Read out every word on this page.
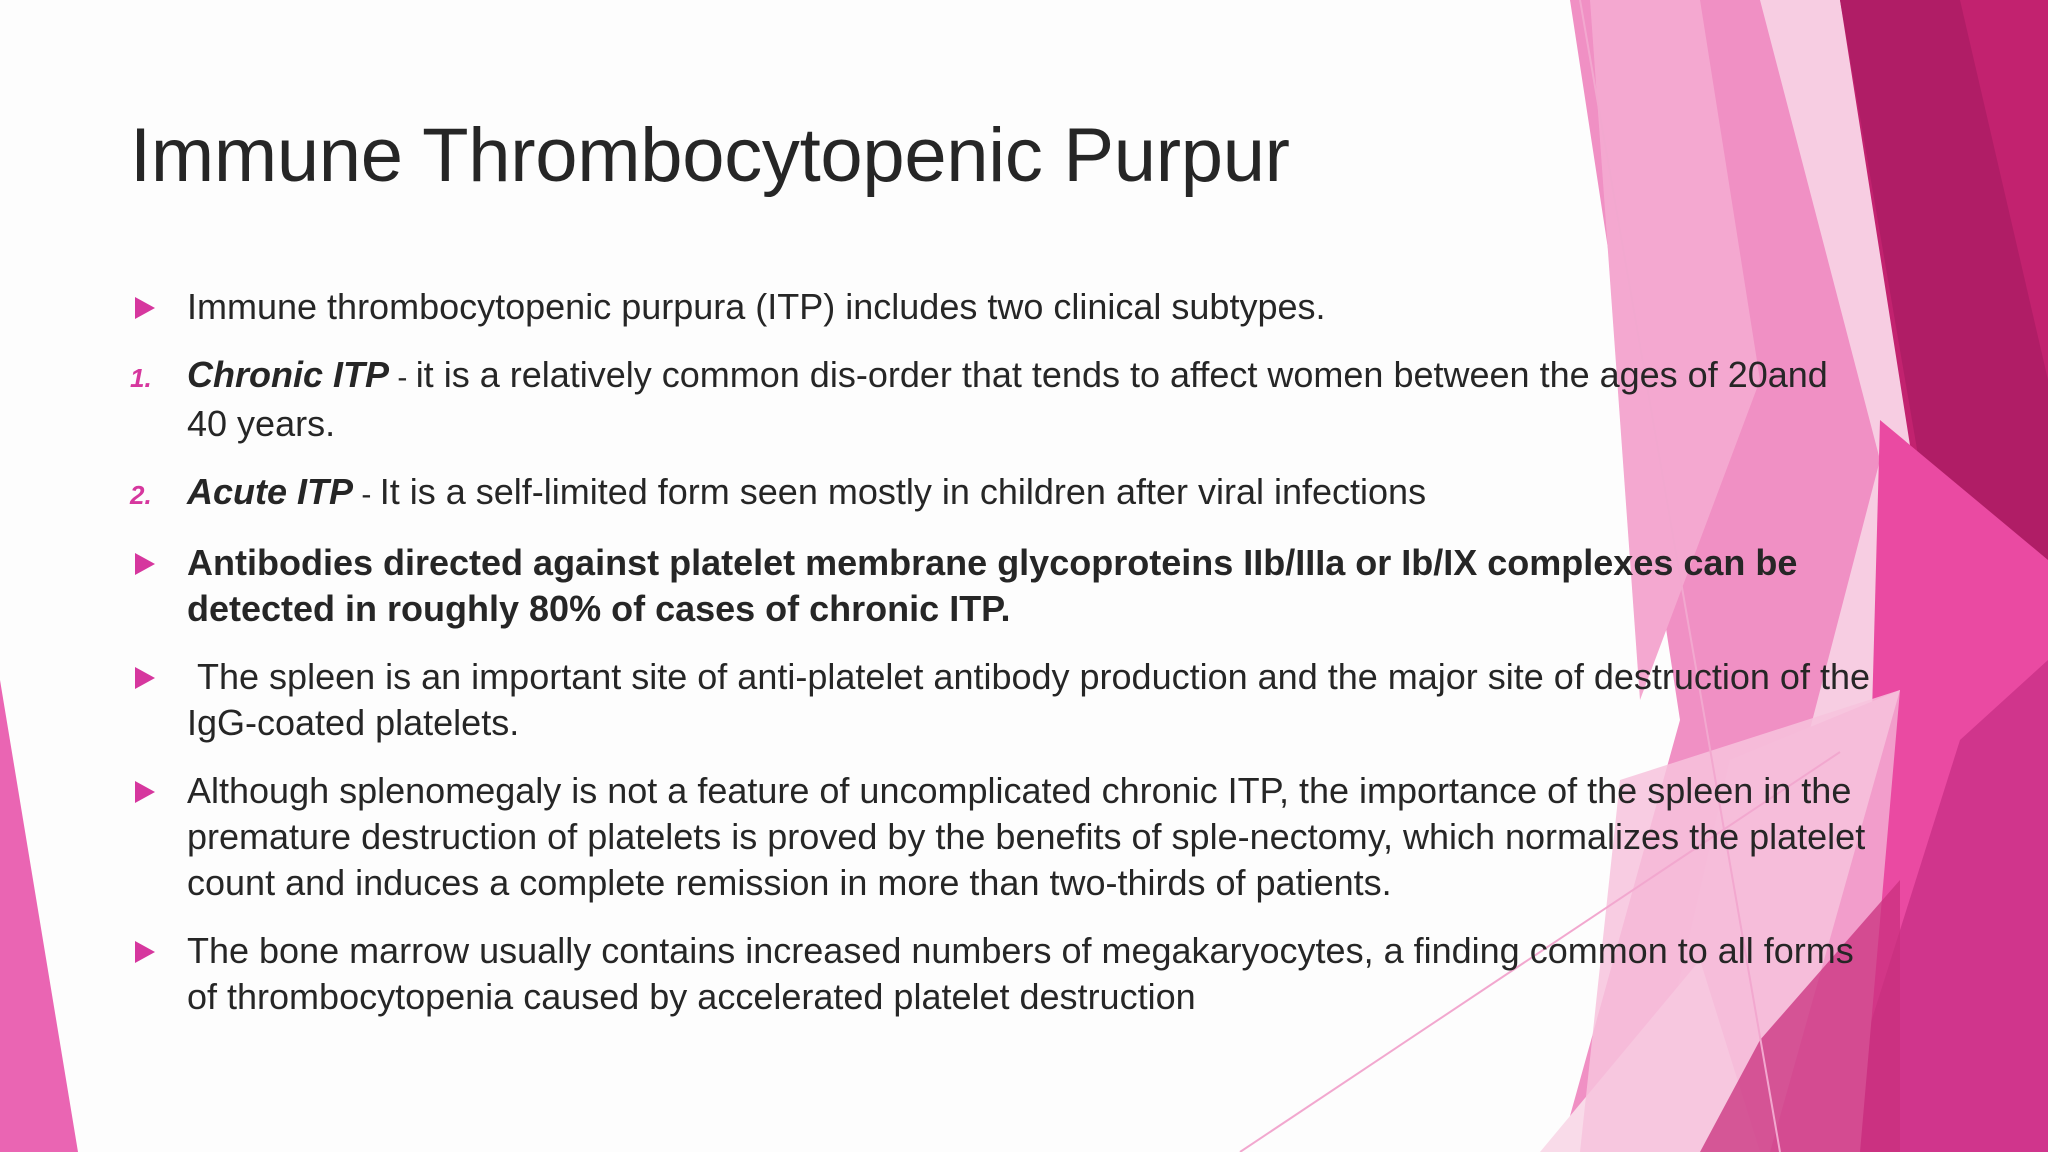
Immune Thrombocytopenic Purpur
Immune thrombocytopenic purpura (ITP) includes two clinical subtypes.
1. Chronic ITP - it is a relatively common dis-order that tends to affect women between the ages of 20and 40 years.
2. Acute ITP - It is a self-limited form seen mostly in children after viral infections
Antibodies directed against platelet membrane glycoproteins IIb/IIIa or Ib/IX complexes can be detected in roughly 80% of cases of chronic ITP.
The spleen is an important site of anti-platelet antibody production and the major site of destruction of the IgG-coated platelets.
Although splenomegaly is not a feature of uncomplicated chronic ITP, the importance of the spleen in the premature destruction of platelets is proved by the benefits of sple-nectomy, which normalizes the platelet count and induces a complete remission in more than two-thirds of patients.
The bone marrow usually contains increased numbers of megakaryocytes, a finding common to all forms of thrombocytopenia caused by accelerated platelet destruction
